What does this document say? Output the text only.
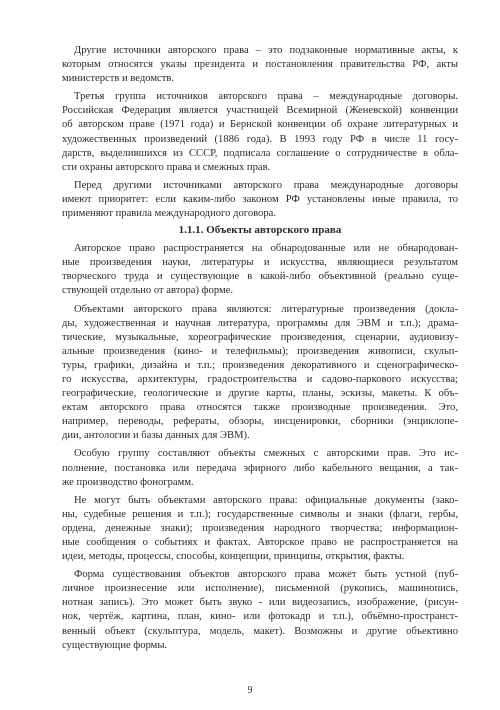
Другие источники авторского права – это подзаконные нормативные акты, к
которым относятся указы президента и постановления правительства РФ, акты
министерств и ведомств.

Третья группа источников авторского права – международные договоры.
Российская Федерация является участницей Всемирной (Женевской) конвенции
об авторском праве (1971 года) и Бернской конвенции об охране литературных и
художественных произведений (1886 года). В 1993 году РФ в числе 11 госу-
дарств, выделившихся из СССР, подписала соглашение о сотрудничестве в обла-
сти охраны авторского права и смежных прав.

Перед другими источниками авторского права международные договоры
имеют приоритет: если каким-либо законом РФ установлены иные правила, то
применяют правила международного договора.

1.1.1. Объекты авторского права

Авторское право распространяется на обнародованные или не обнародован-
ные произведения науки, литературы и искусства, являющиеся результатом
творческого труда и существующие в какой-либо объективной (реально суще-
ствующей отдельно от автора) форме.

Объектами авторского права являются: литературные произведения (докла-
ды, художественная и научная литература, программы для ЭВМ и т.п.); драма-
тические, музыкальные, хореографические произведения, сценарии, аудиовизу-
альные произведения (кино- и телефильмы); произведения живописи, скульп-
туры, графики, дизайна и т.п.; произведения декоративного и сценографическо-
го искусства, архитектуры, градостроительства и садово-паркового искусства;
географические, геологические и другие карты, планы, эскизы, макеты. К объ-
ектам авторского права относятся также производные произведения. Это,
например, переводы, рефераты, обзоры, инсценировки, сборники (энциклопе-
дии, антологии и базы данных для ЭВМ).

Особую группу составляют объекты смежных с авторскими прав. Это ис-
полнение, постановка или передача эфирного либо кабельного вещания, а так-
же производство фонограмм.

Не могут быть объектами авторского права: официальные документы (зако-
ны, судебные решения и т.п.); государственные символы и знаки (флаги, гербы,
ордена, денежные знаки); произведения народного творчества; информацион-
ные сообщения о событиях и фактах. Авторское право не распространяется на
идеи, методы, процессы, способы, концепции, принципы, открытия, факты.

Форма существования объектов авторского права может быть устной (пуб-
личное произнесение или исполнение), письменной (рукопись, машинопись,
нотная запись). Это может быть звуко - или видеозапись, изображение, (рисун-
нок, чертёж, картина, план, кино- или фотокадр и т.п.), объёмно-пространст-
венный объект (скульптура, модель, макет). Возможны и другие объективно
существующие формы.

9
